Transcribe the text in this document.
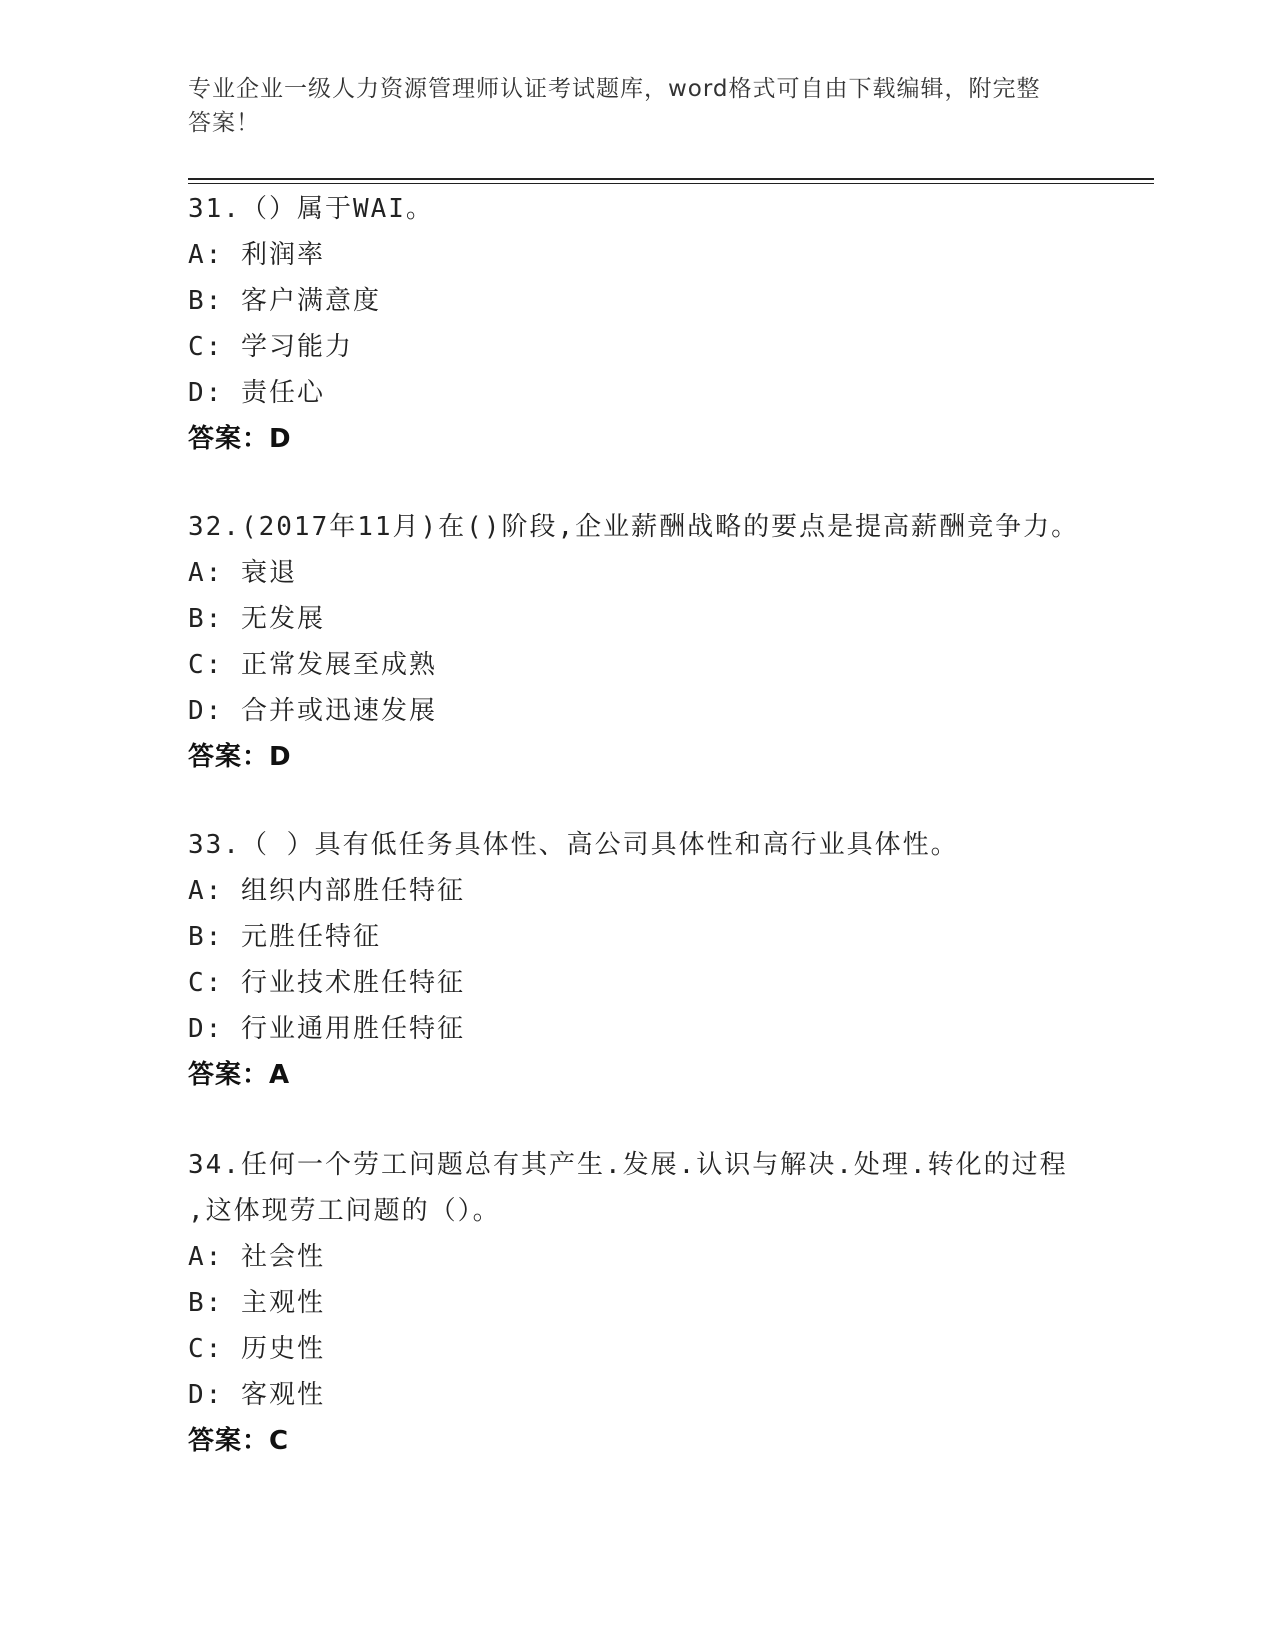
专业企业一级人力资源管理师认证考试题库，word格式可自由下载编辑，附完整
答案！
31.（）属于WAI。
A: 利润率
B: 客户满意度
C: 学习能力
D: 责任心
答案：D
32.(2017年11月)在()阶段,企业薪酬战略的要点是提高薪酬竞争力。
A: 衰退
B: 无发展
C: 正常发展至成熟
D: 合并或迅速发展
答案：D
33.（ ）具有低任务具体性、高公司具体性和高行业具体性。
A: 组织内部胜任特征
B: 元胜任特征
C: 行业技术胜任特征
D: 行业通用胜任特征
答案：A
34.任何一个劳工问题总有其产生.发展.认识与解决.处理.转化的过程
,这体现劳工问题的（）。
A: 社会性
B: 主观性
C: 历史性
D: 客观性
答案：C
